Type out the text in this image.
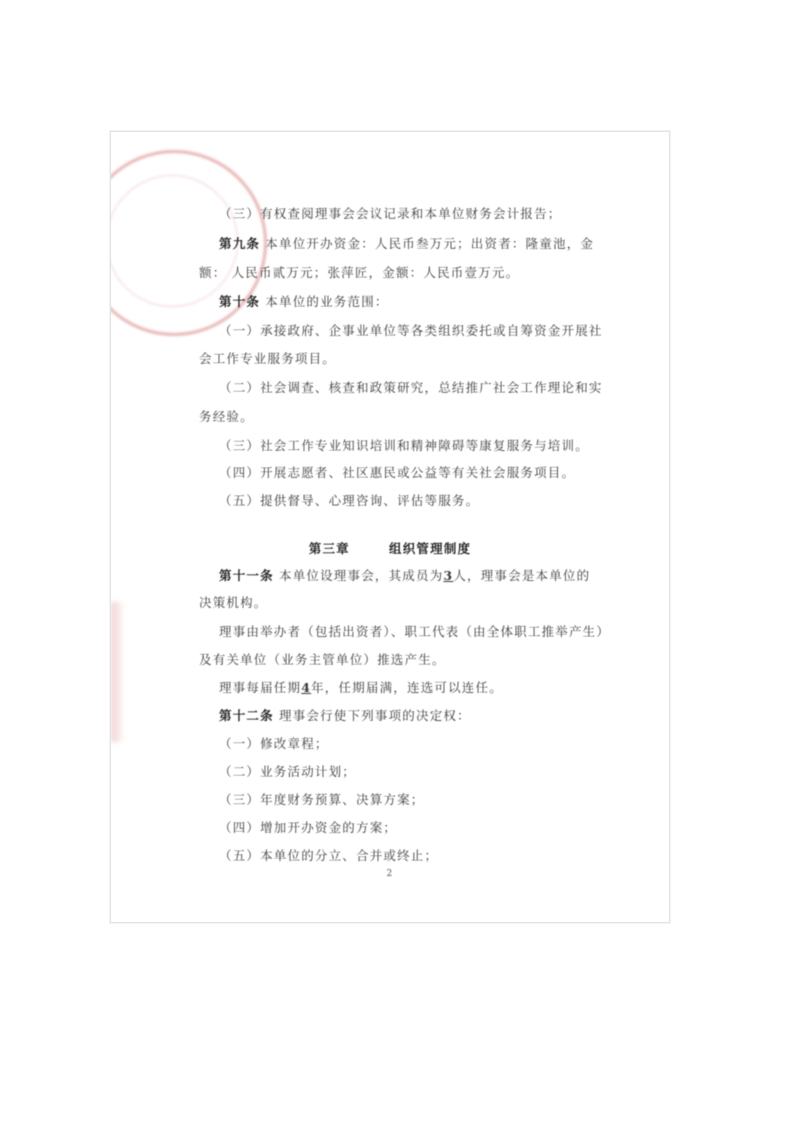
（三）有权查阅理事会会议记录和本单位财务会计报告；
第九条 本单位开办资金：人民币叁万元；出资者：隆童池，金
额： 人民币贰万元；张萍匠，金额：人民币壹万元。
第十条 本单位的业务范围：
（一）承接政府、企事业单位等各类组织委托或自筹资金开展社
会工作专业服务项目。
（二）社会调查、核查和政策研究，总结推广社会工作理论和实
务经验。
（三）社会工作专业知识培训和精神障碍等康复服务与培训。
（四）开展志愿者、社区惠民或公益等有关社会服务项目。
（五）提供督导、心理咨询、评估等服务。
第三章	组织管理制度
第十一条 本单位设理事会，其成员为3人，理事会是本单位的
决策机构。
理事由举办者（包括出资者）、职工代表（由全体职工推举产生）
及有关单位（业务主管单位）推选产生。
理事每届任期4年，任期届满，连选可以连任。
第十二条 理事会行使下列事项的决定权：
（一）修改章程；
（二）业务活动计划；
（三）年度财务预算、决算方案；
（四）增加开办资金的方案；
（五）本单位的分立、合并或终止；
2
